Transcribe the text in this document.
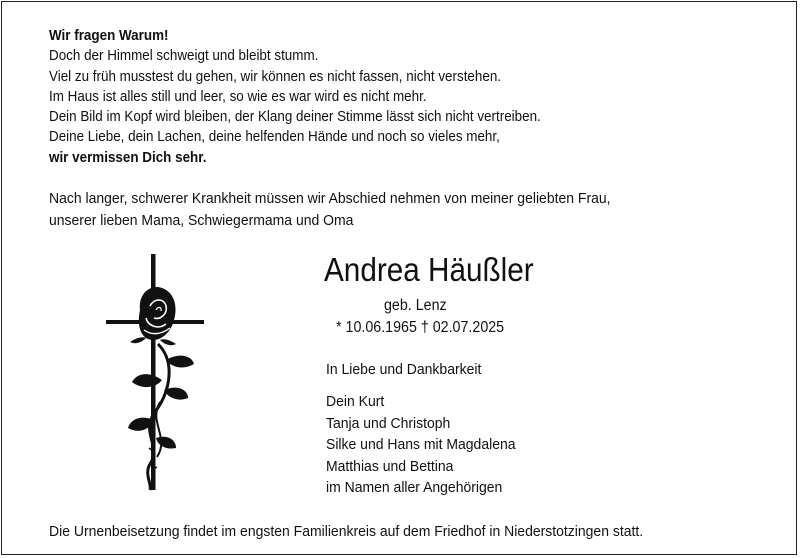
Wir fragen Warum!
Doch der Himmel schweigt und bleibt stumm.
Viel zu früh musstest du gehen, wir können es nicht fassen, nicht verstehen.
Im Haus ist alles still und leer, so wie es war wird es nicht mehr.
Dein Bild im Kopf wird bleiben, der Klang deiner Stimme lässt sich nicht vertreiben.
Deine Liebe, dein Lachen, deine helfenden Hände und noch so vieles mehr,
wir vermissen Dich sehr.
Nach langer, schwerer Krankheit müssen wir Abschied nehmen von meiner geliebten Frau,
unserer lieben Mama, Schwiegermama und Oma
Andrea Häußler
geb. Lenz
* 10.06.1965 † 02.07.2025
In Liebe und Dankbarkeit
Dein Kurt
Tanja und Christoph
Silke und Hans mit Magdalena
Matthias und Bettina
im Namen aller Angehörigen
Die Urnenbeisetzung findet im engsten Familienkreis auf dem Friedhof in Niederstotzingen statt.
